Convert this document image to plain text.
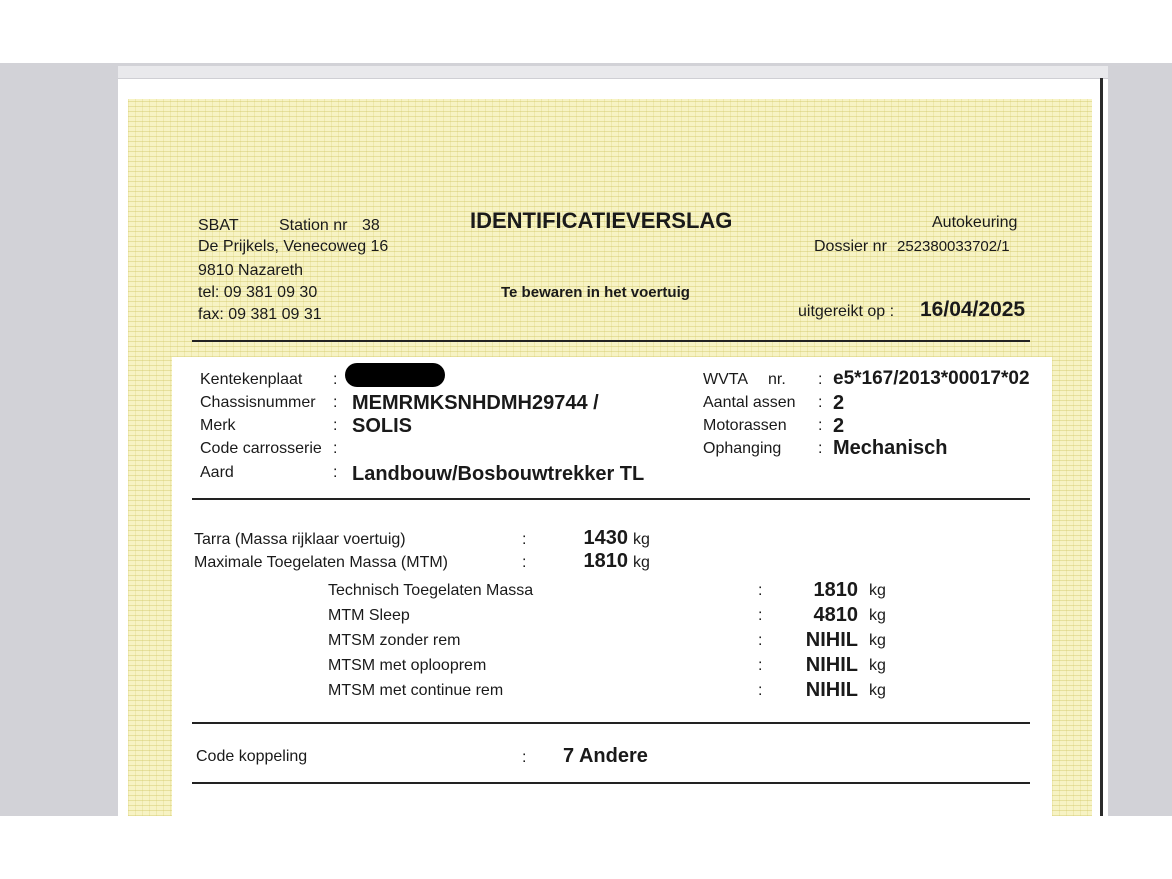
SBAT	Station nr 38
De Prijkels, Venecoweg 16
9810 Nazareth
tel: 09 381 09 30
fax: 09 381 09 31
IDENTIFICATIEVERSLAG
Te bewaren in het voertuig
Autokeuring
Dossier nr 252380033702/1
uitgereikt op : 16/04/2025
Kentekenplaat :
Chassisnummer : MEMRMKSNHDMH29744 /
Merk	: SOLIS
Code carrosserie :
Aard	: Landbouw/Bosbouwtrekker TL
WVTA nr. : e5*167/2013*00017*02
Aantal assen : 2
Motorassen : 2
Ophanging : Mechanisch
Tarra (Massa rijklaar voertuig)	:	1430 kg
Maximale Toegelaten Massa (MTM)	:	1810 kg
Technisch Toegelaten Massa	:	1810 kg
MTM Sleep	:	4810 kg
MTSM zonder rem	:	NIHIL kg
MTSM met oplooprem	:	NIHIL kg
MTSM met continue rem	:	NIHIL kg
Code koppeling	: 7 Andere
